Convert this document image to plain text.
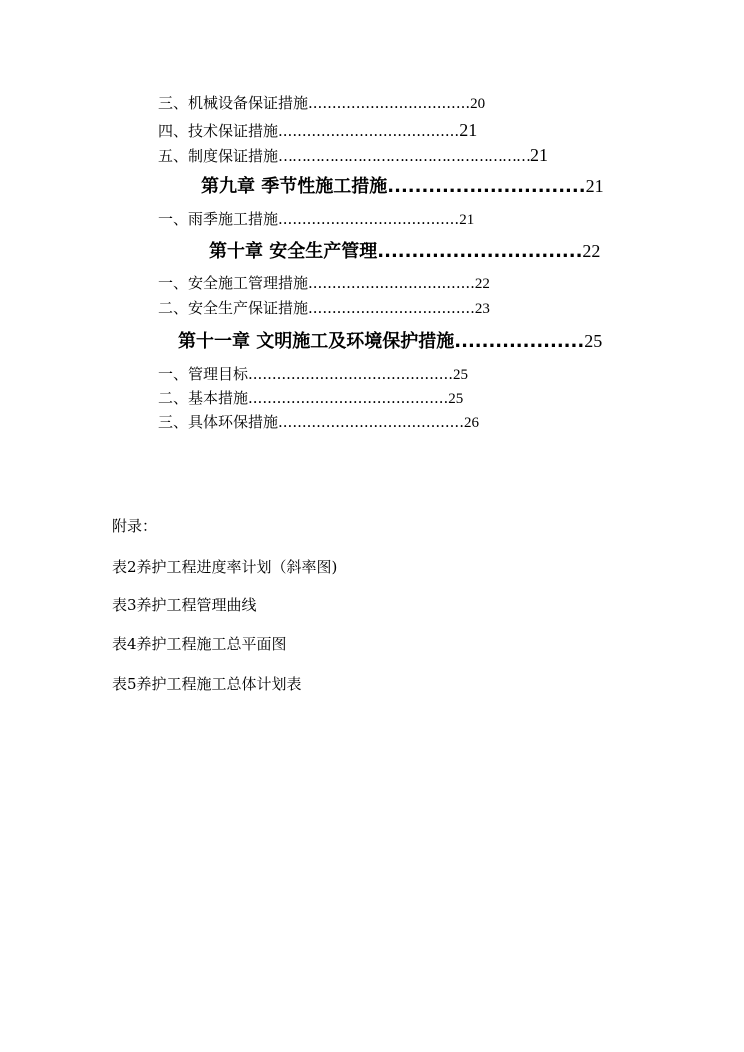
三、机械设备保证措施..................................20
四、技术保证措施......................................21
五、制度保证措施………………………………………………21
第九章 季节性施工措施.............................21
一、雨季施工措施......................................21
第十章 安全生产管理..............................22
一、安全施工管理措施...................................22
二、安全生产保证措施...................................23
第十一章 文明施工及环境保护措施...................25
一、管理目标...........................................25
二、基本措施..........................................25
三、具体环保措施.......................................26
附录：
表2养护工程进度率计划（斜率图)
表3养护工程管理曲线
表4养护工程施工总平面图
表5养护工程施工总体计划表
